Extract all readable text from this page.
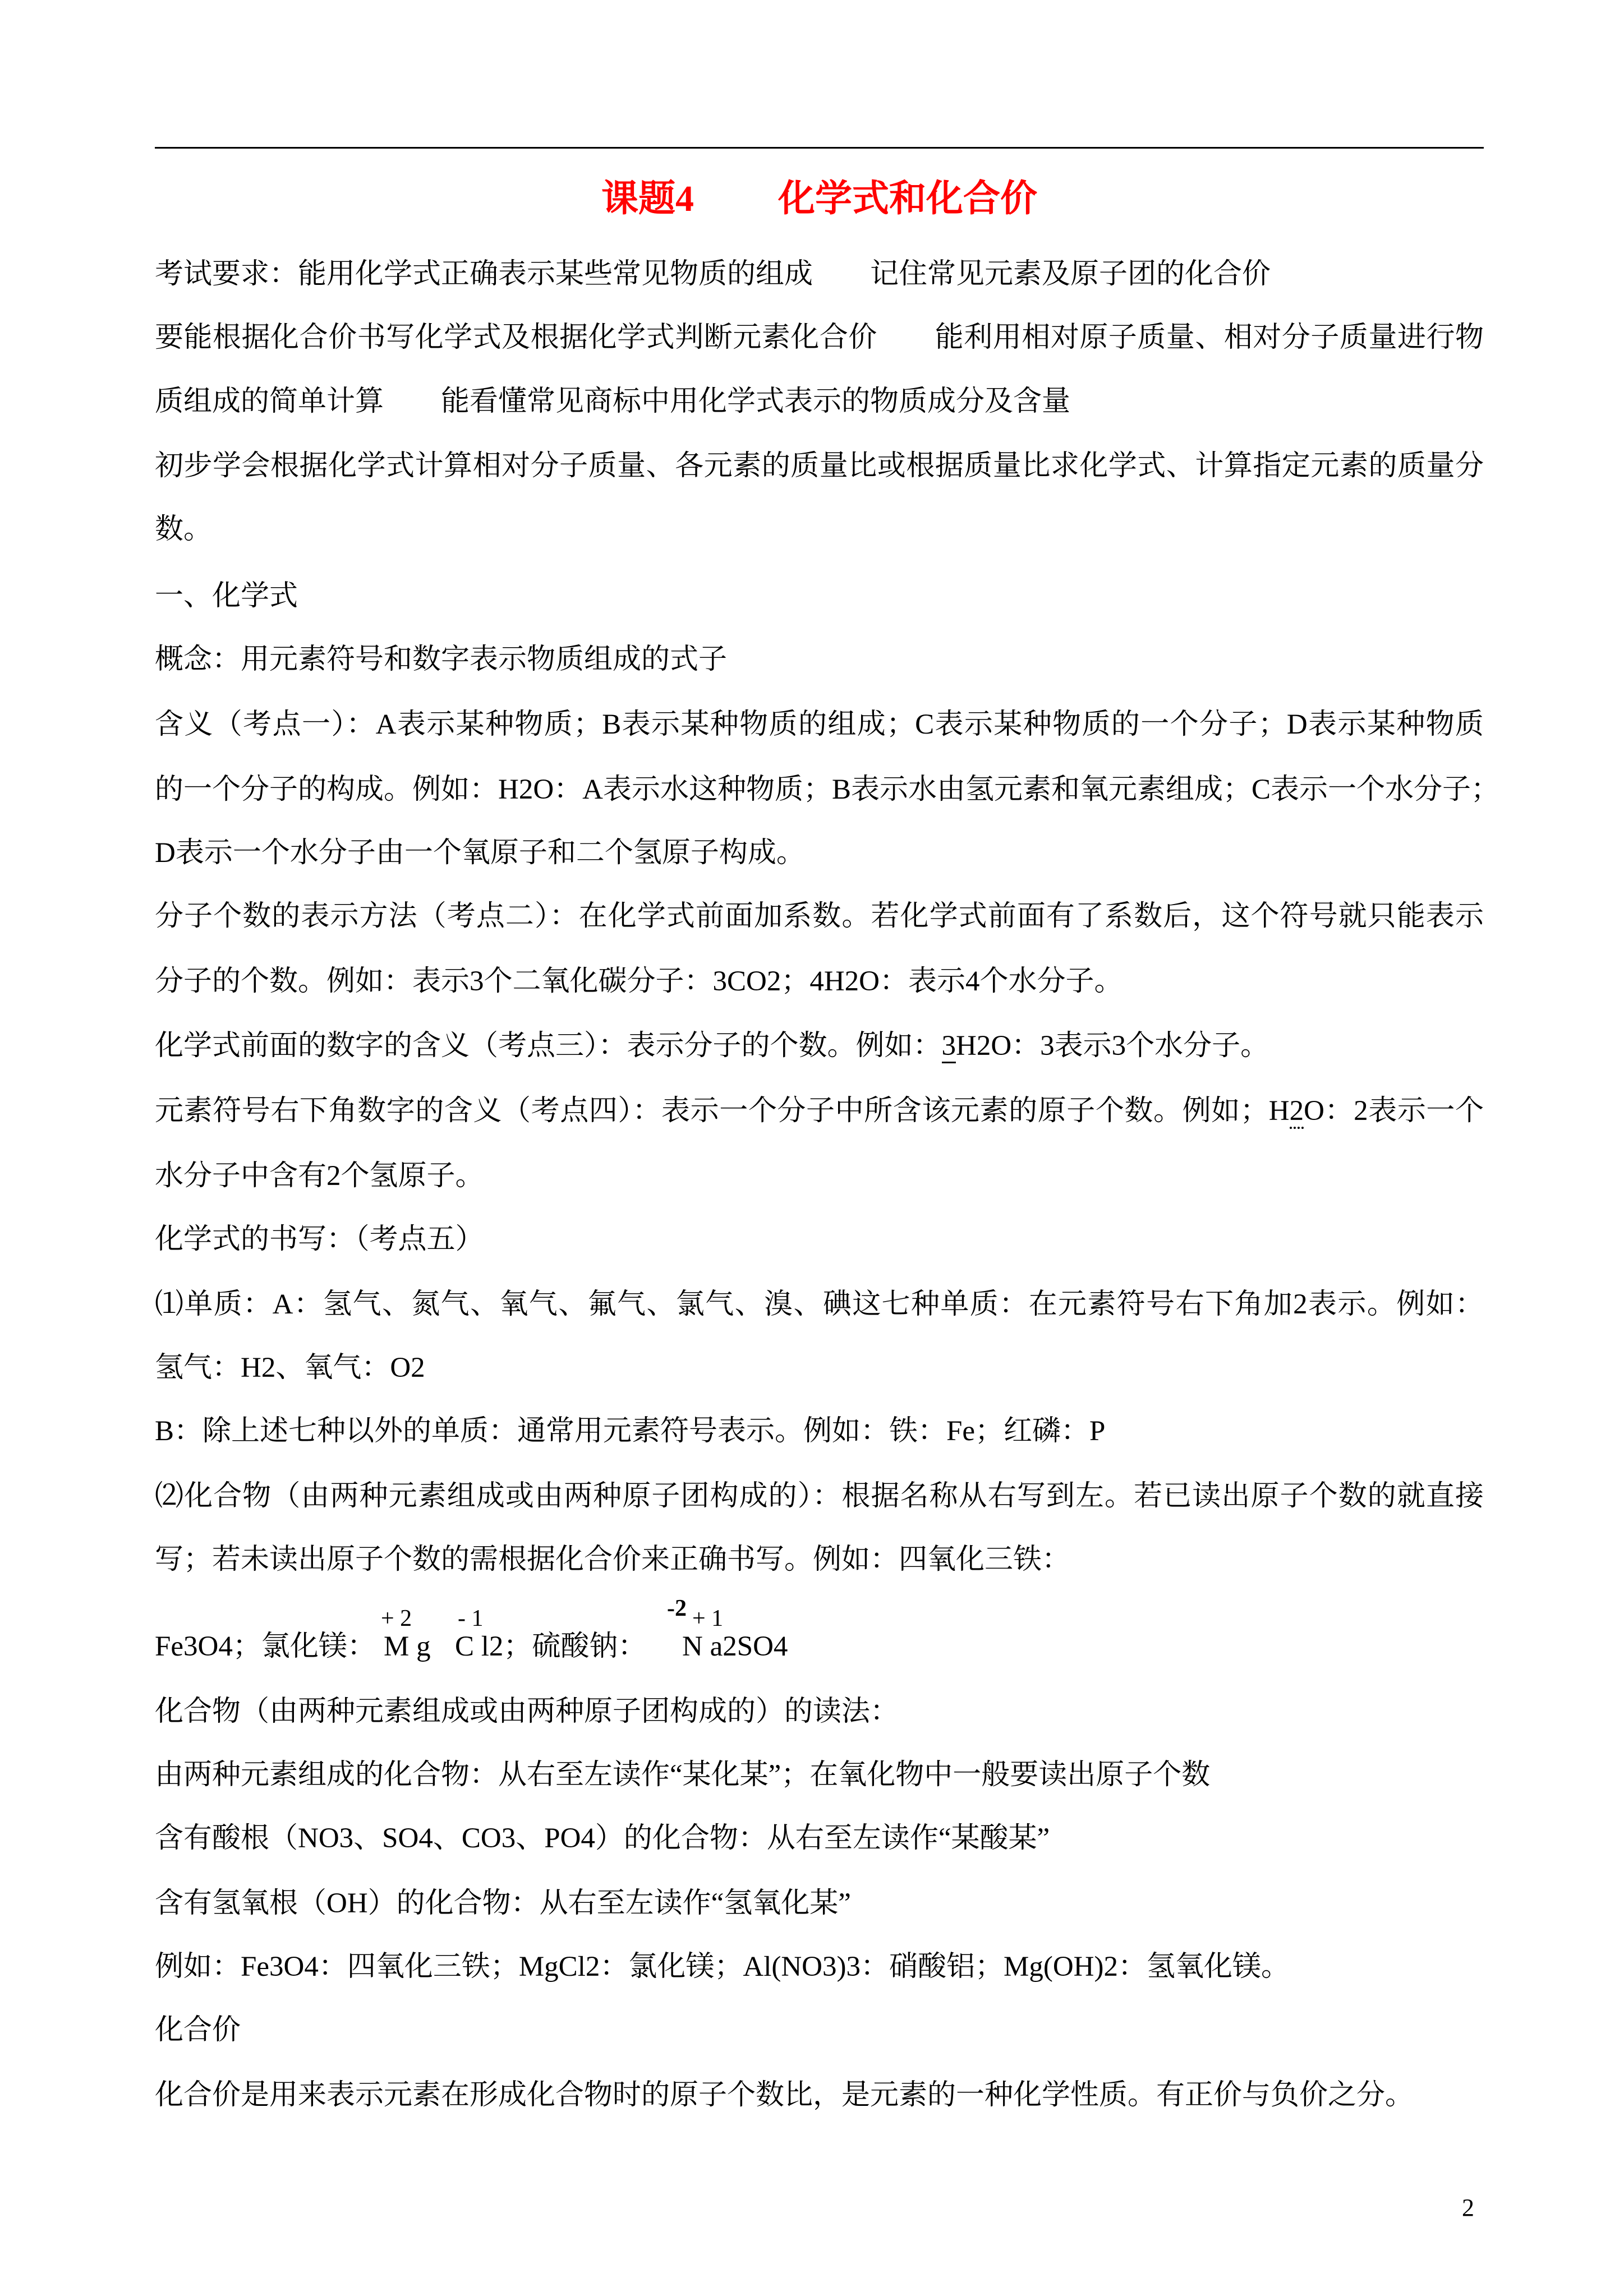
课题4 化学式和化合价
考试要求：能用化学式正确表示某些常见物质的组成　　记住常见元素及原子团的化合价
要能根据化合价书写化学式及根据化学式判断元素化合价　　能利用相对原子质量、相对分子质量进行物
质组成的简单计算　　能看懂常见商标中用化学式表示的物质成分及含量
初步学会根据化学式计算相对分子质量、各元素的质量比或根据质量比求化学式、计算指定元素的质量分
数。
一、化学式
概念：用元素符号和数字表示物质组成的式子
含义（考点一）：A表示某种物质；B表示某种物质的组成；C表示某种物质的一个分子；D表示某种物质
的一个分子的构成。例如：H2O：A表示水这种物质；B表示水由氢元素和氧元素组成；C表示一个水分子；
D表示一个水分子由一个氧原子和二个氢原子构成。
分子个数的表示方法（考点二）：在化学式前面加系数。若化学式前面有了系数后，这个符号就只能表示
分子的个数。例如：表示3个二氧化碳分子：3CO2；4H2O：表示4个水分子。
化学式前面的数字的含义（考点三）：表示分子的个数。例如：3H2O：3表示3个水分子。
元素符号右下角数字的含义（考点四）：表示一个分子中所含该元素的原子个数。例如；H2O：2表示一个
水分子中含有2个氢原子。
化学式的书写：（考点五）
⑴单质：A：氢气、氮气、氧气、氟气、氯气、溴、碘这七种单质：在元素符号右下角加2表示。例如：
氢气：H2、氧气：O2
B：除上述七种以外的单质：通常用元素符号表示。例如：铁：Fe；红磷：P
⑵化合物（由两种元素组成或由两种原子团构成的）：根据名称从右写到左。若已读出原子个数的就直接
写；若未读出原子个数的需根据化合价来正确书写。例如：四氧化三铁：
+ 2 - 1	-2 + 1
Fe3O4；氯化镁： M g C l2；硫酸钠： N a2SO4
化合物（由两种元素组成或由两种原子团构成的）的读法：
由两种元素组成的化合物：从右至左读作“某化某”；在氧化物中一般要读出原子个数
含有酸根（NO3、SO4、CO3、PO4）的化合物：从右至左读作“某酸某”
含有氢氧根（OH）的化合物：从右至左读作“氢氧化某”
例如：Fe3O4：四氧化三铁；MgCl2：氯化镁；Al(NO3)3：硝酸铝；Mg(OH)2：氢氧化镁。
化合价
化合价是用来表示元素在形成化合物时的原子个数比，是元素的一种化学性质。有正价与负价之分。
2
